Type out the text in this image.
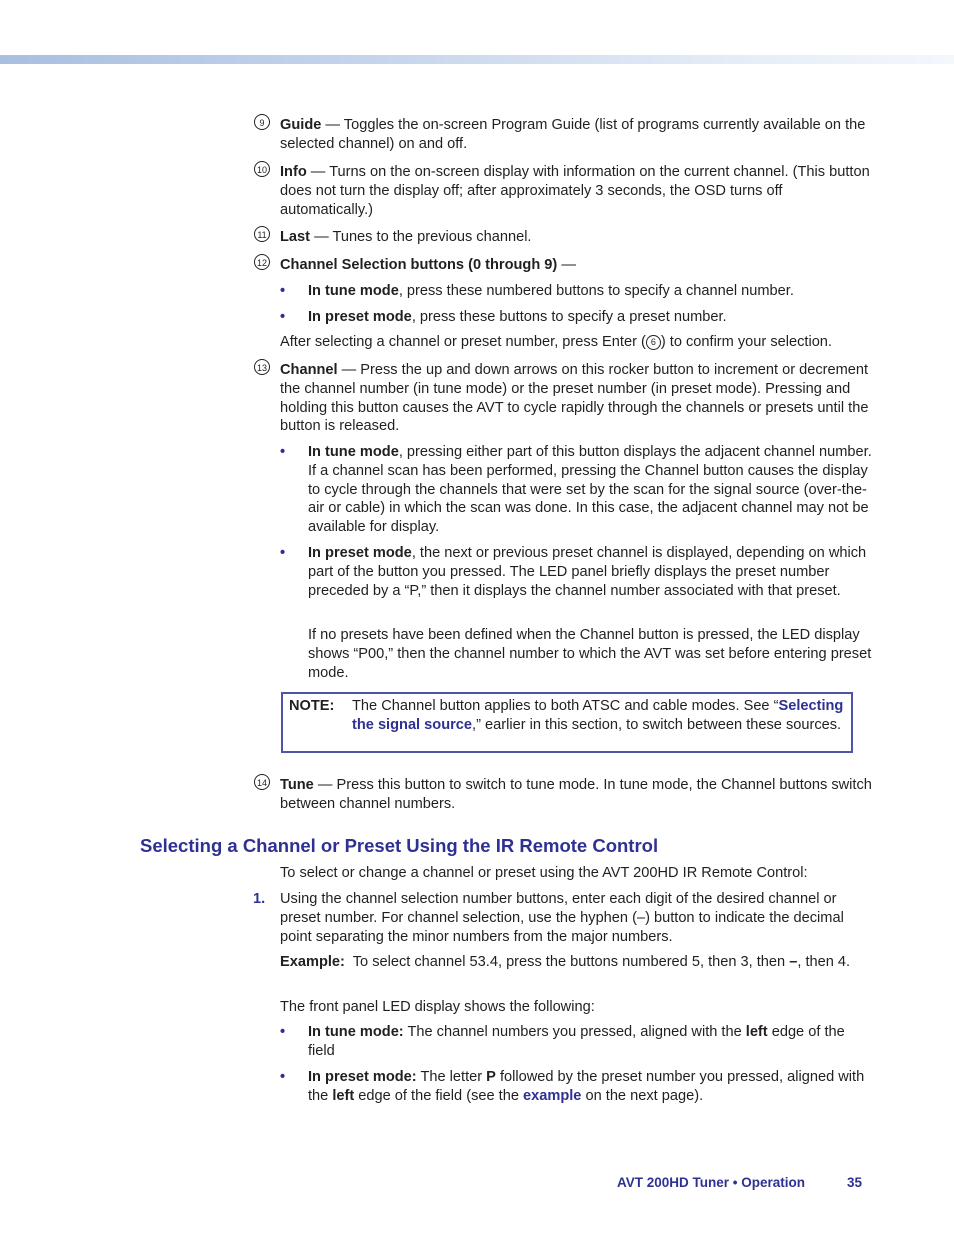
9	Guide — Toggles the on-screen Program Guide (list of programs currently available on the selected channel) on and off.
10 Info — Turns on the on-screen display with information on the current channel. (This button does not turn the display off; after approximately 3 seconds, the OSD turns off automatically.)
11 Last — Tunes to the previous channel.
12 Channel Selection buttons (0 through 9) —
• In tune mode, press these numbered buttons to specify a channel number.
• In preset mode, press these buttons to specify a preset number.
After selecting a channel or preset number, press Enter ( 6 ) to confirm your selection.
13 Channel — Press the up and down arrows on this rocker button to increment or decrement the channel number (in tune mode) or the preset number (in preset mode). Pressing and holding this button causes the AVT to cycle rapidly through the channels or presets until the button is released.
• In tune mode, pressing either part of this button displays the adjacent channel number. If a channel scan has been performed, pressing the Channel button causes the display to cycle through the channels that were set by the scan for the signal source (over-the-air or cable) in which the scan was done. In this case, the adjacent channel may not be available for display.
• In preset mode, the next or previous preset channel is displayed, depending on which part of the button you pressed. The LED panel briefly displays the preset number preceded by a “P,” then it displays the channel number associated with that preset.
If no presets have been defined when the Channel button is pressed, the LED display shows “P00,” then the channel number to which the AVT was set before entering preset mode.
NOTE: The Channel button applies to both ATSC and cable modes. See “Selecting the signal source,” earlier in this section, to switch between these sources.
14 Tune — Press this button to switch to tune mode. In tune mode, the Channel buttons switch between channel numbers.
Selecting a Channel or Preset Using the IR Remote Control
To select or change a channel or preset using the AVT 200HD IR Remote Control:
1. Using the channel selection number buttons, enter each digit of the desired channel or preset number. For channel selection, use the hyphen (–) button to indicate the decimal point separating the minor numbers from the major numbers.
Example:  To select channel 53.4, press the buttons numbered 5, then 3, then –, then 4.
The front panel LED display shows the following:
• In tune mode: The channel numbers you pressed, aligned with the left edge of the field
• In preset mode: The letter P followed by the preset number you pressed, aligned with the left edge of the field (see the example on the next page).
AVT 200HD Tuner • Operation	35
